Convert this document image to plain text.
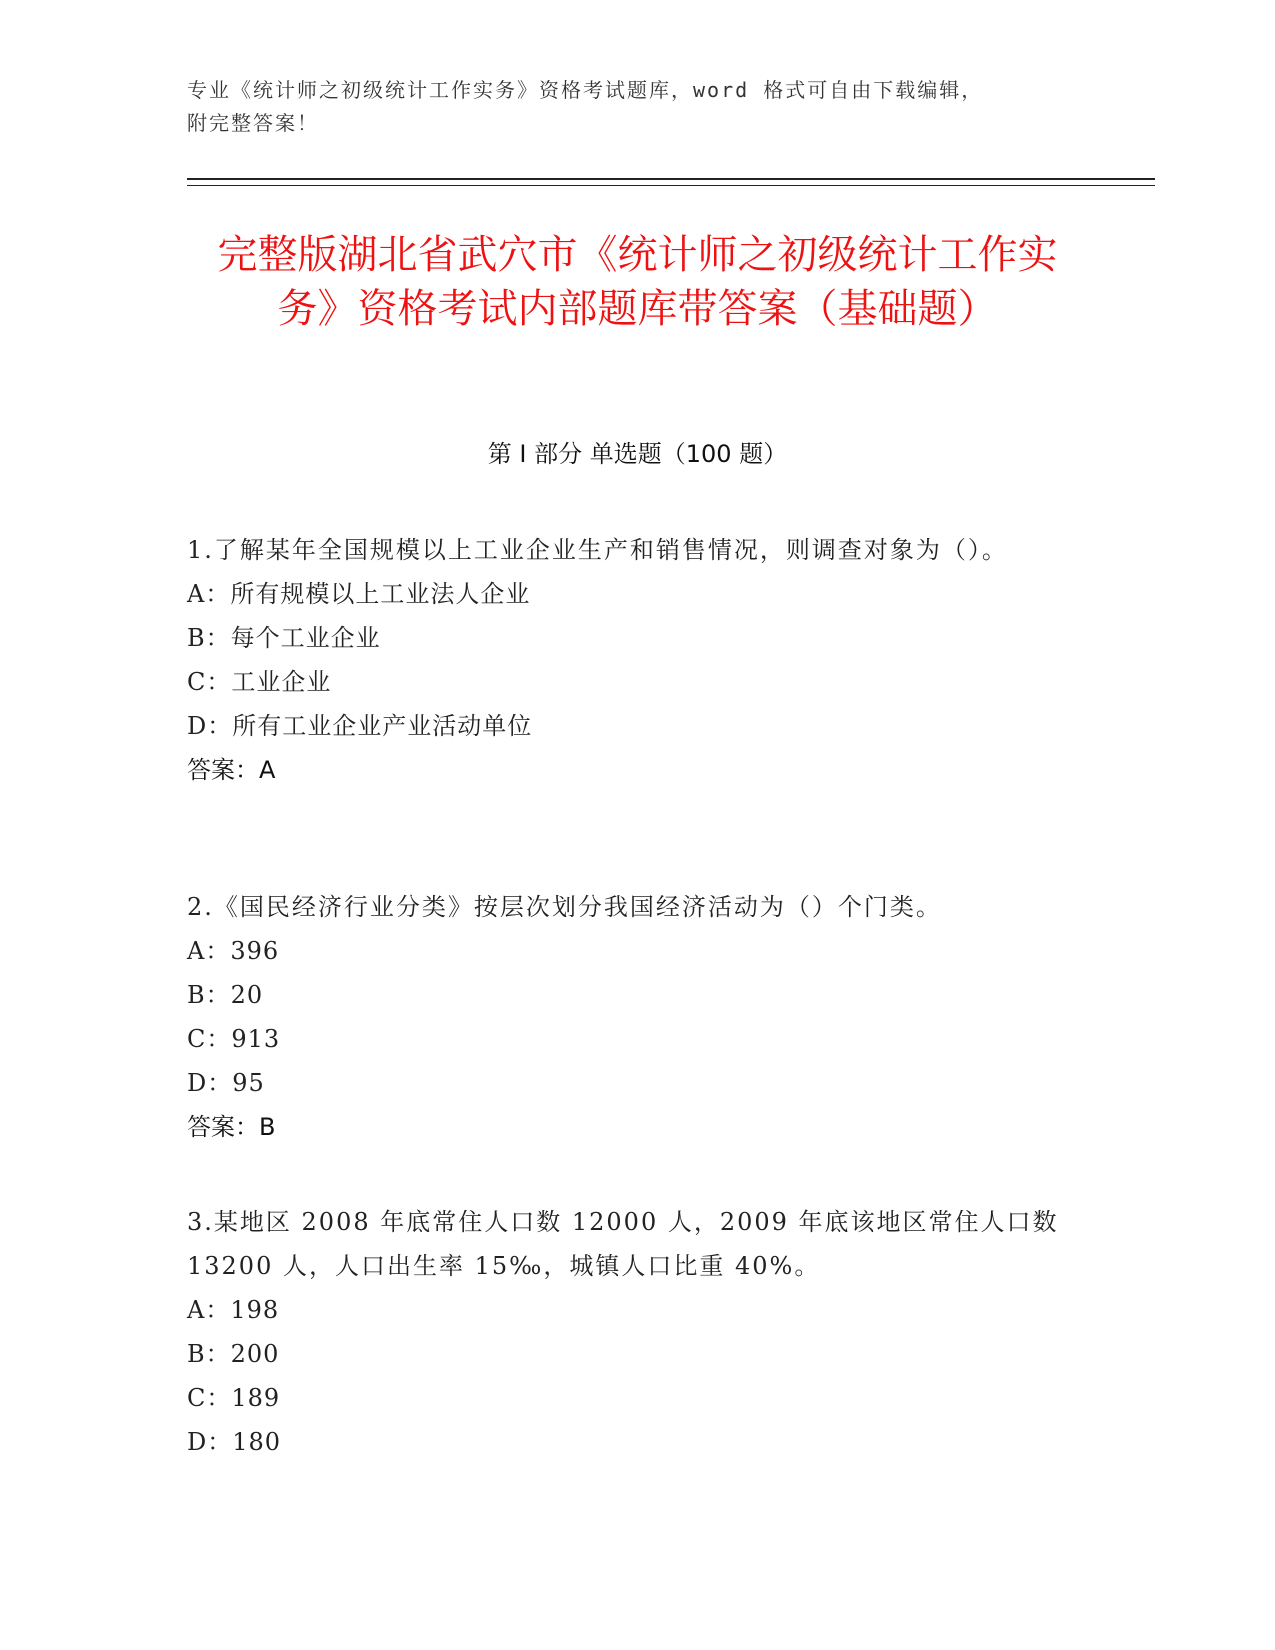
专业《统计师之初级统计工作实务》资格考试题库，word 格式可自由下载编辑，
附完整答案！
完整版湖北省武穴市《统计师之初级统计工作实务》资格考试内部题库带答案（基础题）
第 I 部分 单选题（100 题）

1.了解某年全国规模以上工业企业生产和销售情况，则调查对象为（）。

A：所有规模以上工业法人企业

B：每个工业企业

C：工业企业

D：所有工业企业产业活动单位

答案：A

2.《国民经济行业分类》按层次划分我国经济活动为（）个门类。

A：396

B：20

C：913

D：95

答案：B

3.某地区 2008 年底常住人口数 12000 人，2009 年底该地区常住人口数 13200 人，人口出生率 15‰，城镇人口比重 40%。

A：198

B：200

C：189

D：180
